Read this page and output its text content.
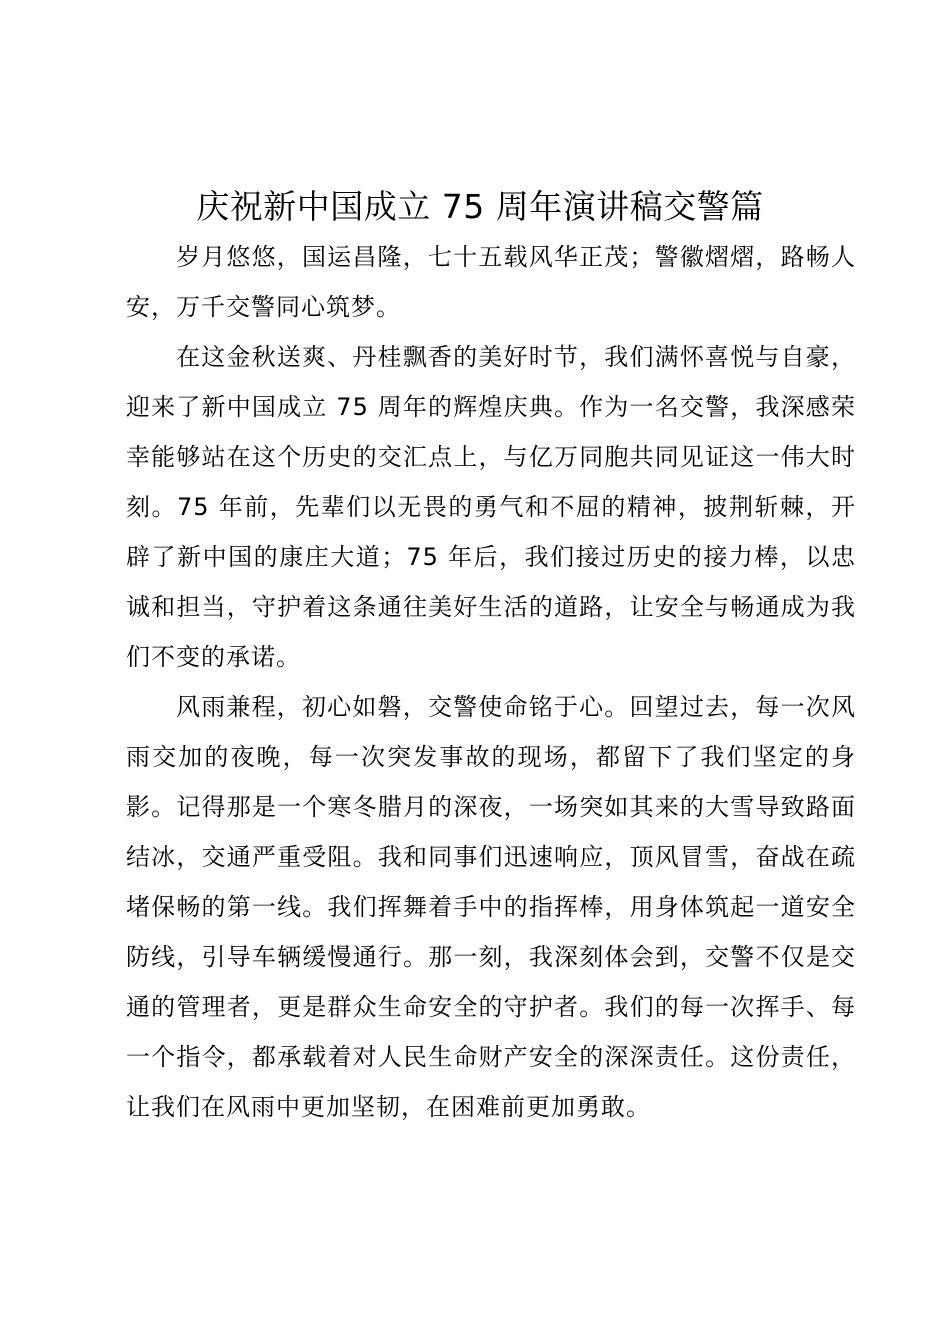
庆祝新中国成立 75 周年演讲稿交警篇

岁月悠悠，国运昌隆，七十五载风华正茂；警徽熠熠，路畅人安，万千交警同心筑梦。

在这金秋送爽、丹桂飘香的美好时节，我们满怀喜悦与自豪，迎来了新中国成立 75 周年的辉煌庆典。作为一名交警，我深感荣幸能够站在这个历史的交汇点上，与亿万同胞共同见证这一伟大时刻。75 年前，先辈们以无畏的勇气和不屈的精神，披荆斩棘，开辟了新中国的康庄大道；75 年后，我们接过历史的接力棒，以忠诚和担当，守护着这条通往美好生活的道路，让安全与畅通成为我们不变的承诺。

风雨兼程，初心如磐，交警使命铭于心。回望过去，每一次风雨交加的夜晚，每一次突发事故的现场，都留下了我们坚定的身影。记得那是一个寒冬腊月的深夜，一场突如其来的大雪导致路面结冰，交通严重受阻。我和同事们迅速响应，顶风冒雪，奋战在疏堵保畅的第一线。我们挥舞着手中的指挥棒，用身体筑起一道安全防线，引导车辆缓慢通行。那一刻，我深刻体会到，交警不仅是交通的管理者，更是群众生命安全的守护者。我们的每一次挥手、每一个指令，都承载着对人民生命财产安全的深深责任。这份责任，让我们在风雨中更加坚韧，在困难前更加勇敢。
